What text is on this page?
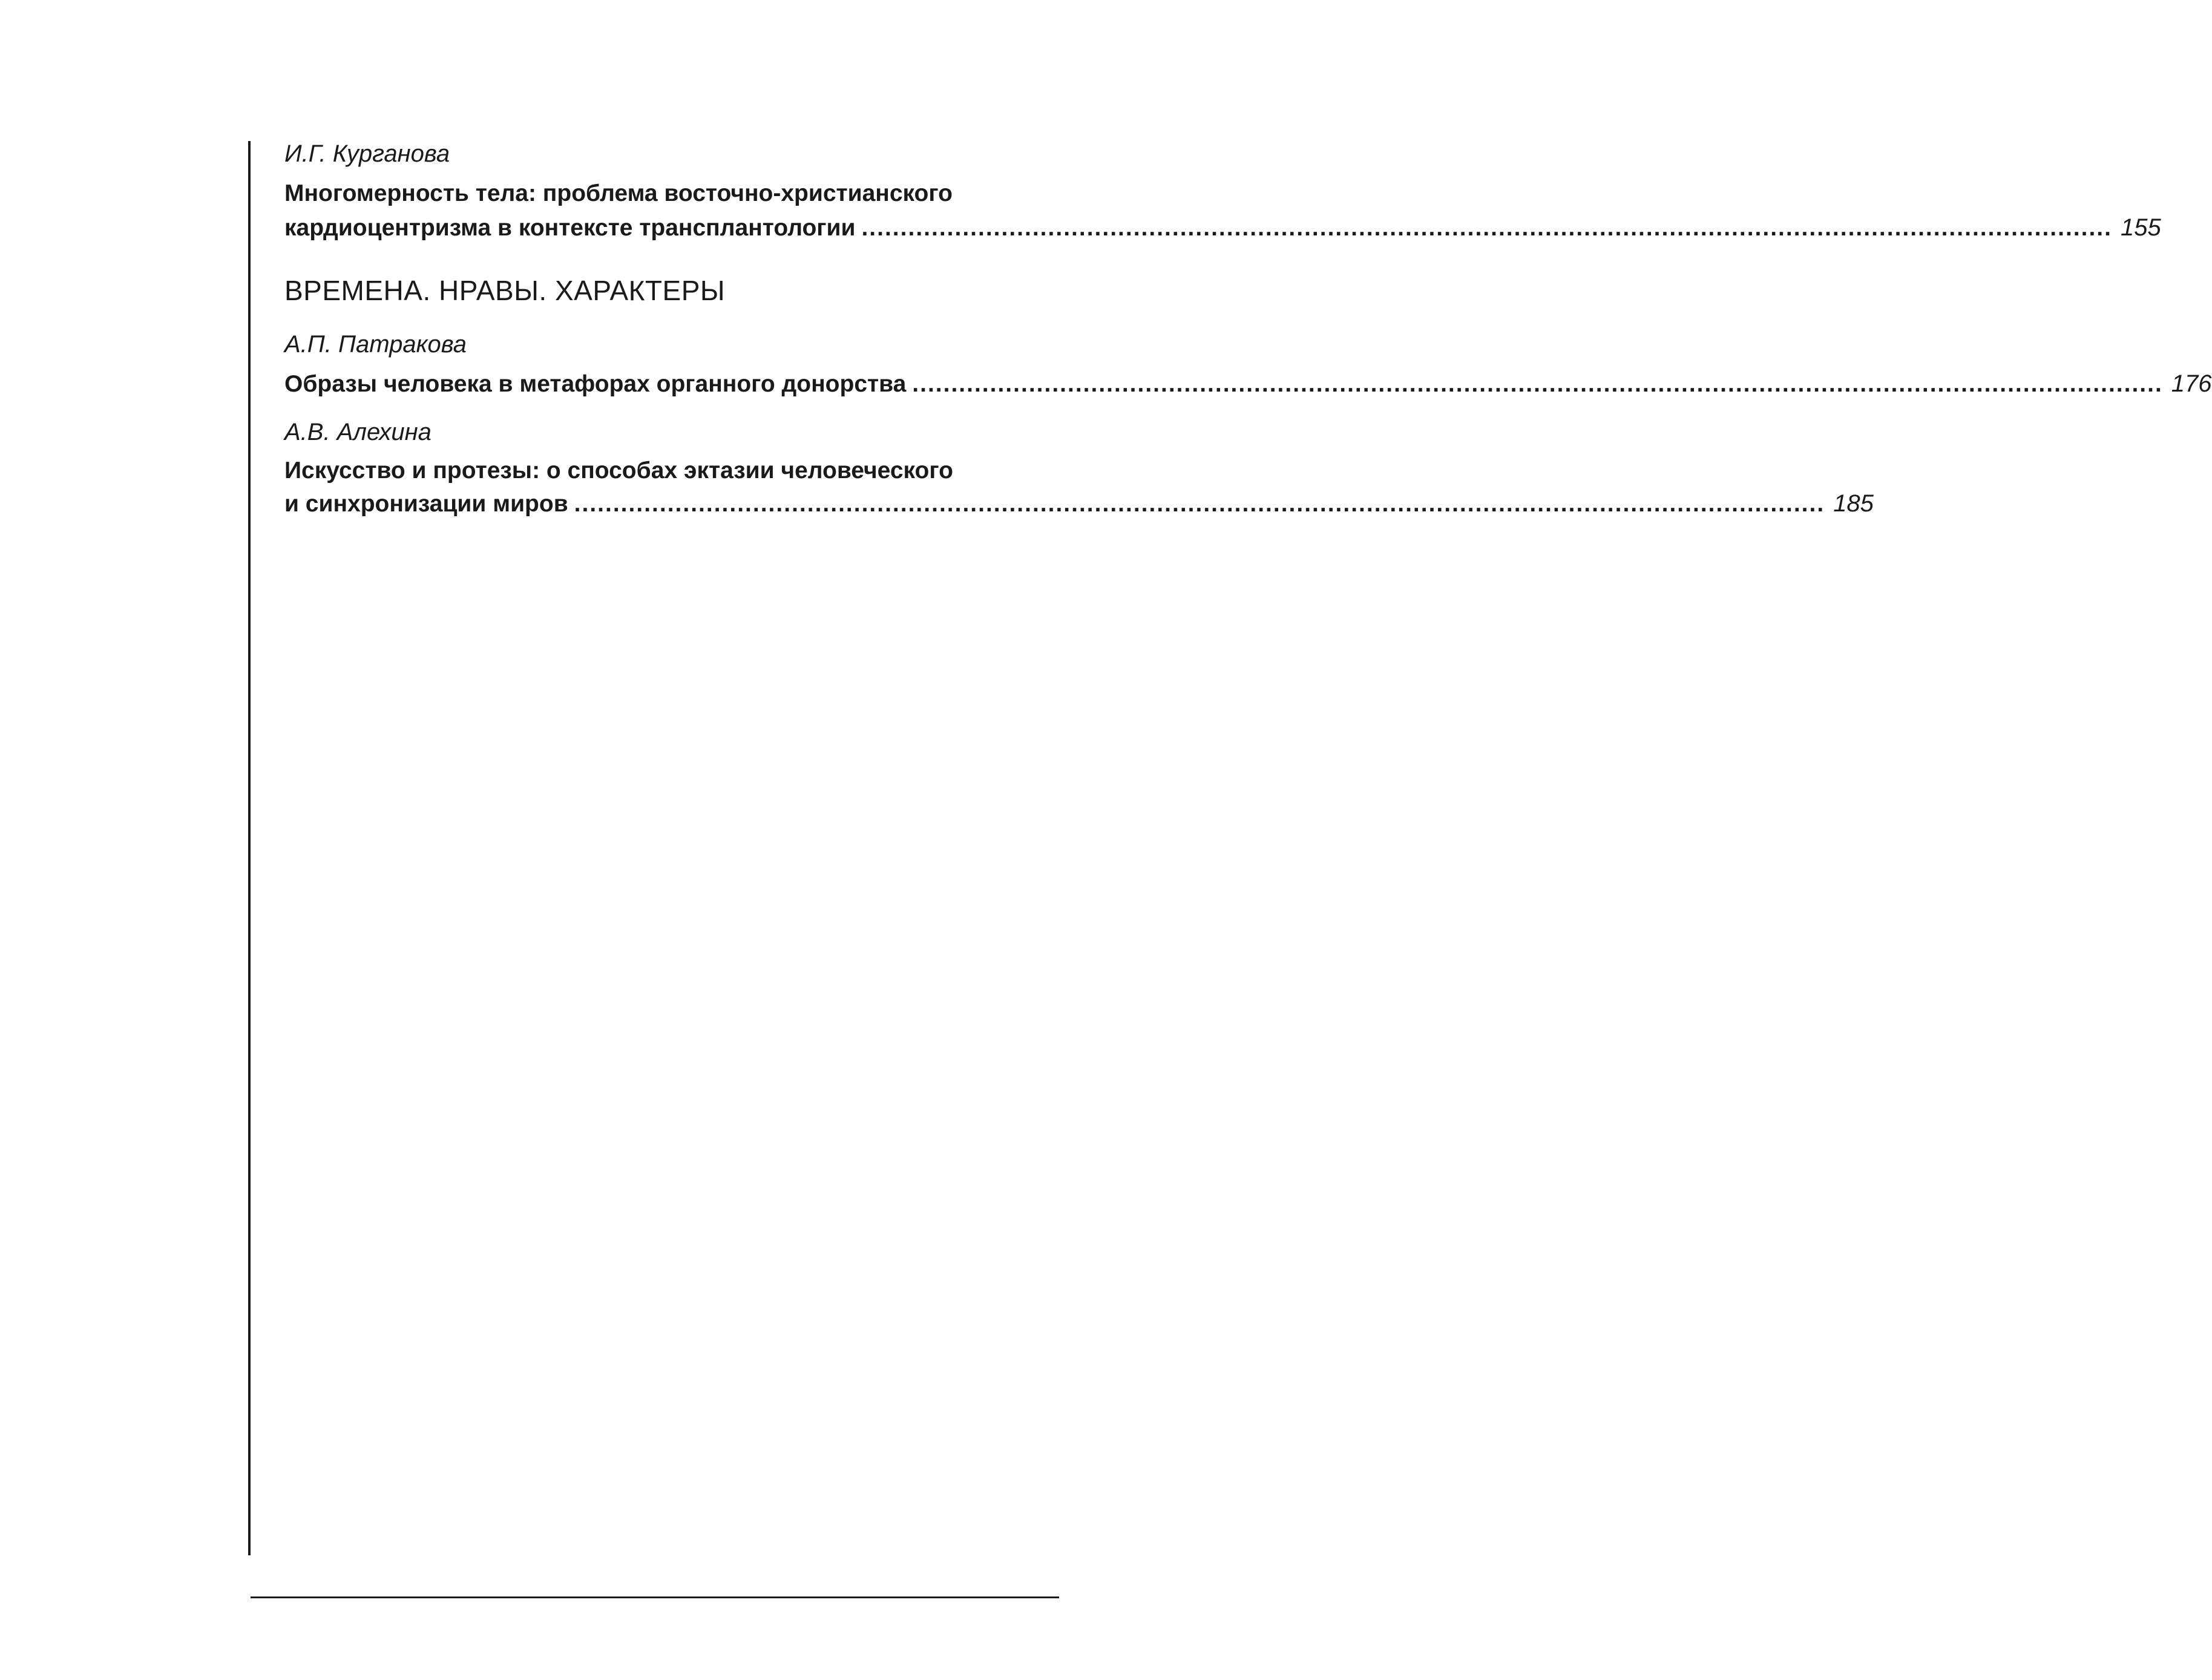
И.Г. Курганова
Многомерность тела: проблема восточно-христианского
кардиоцентризма в контексте трансплантологии ................................................................................................................................................................. 155
ВРЕМЕНА. НРАВЫ. ХАРАКТЕРЫ
А.П. Патракова
Образы человека в метафорах органного донорства ................................................................................................................................................................. 176
А.В. Алехина
Искусство и протезы: о способах эктазии человеческого
и синхронизации миров ................................................................................................................................................................. 185
